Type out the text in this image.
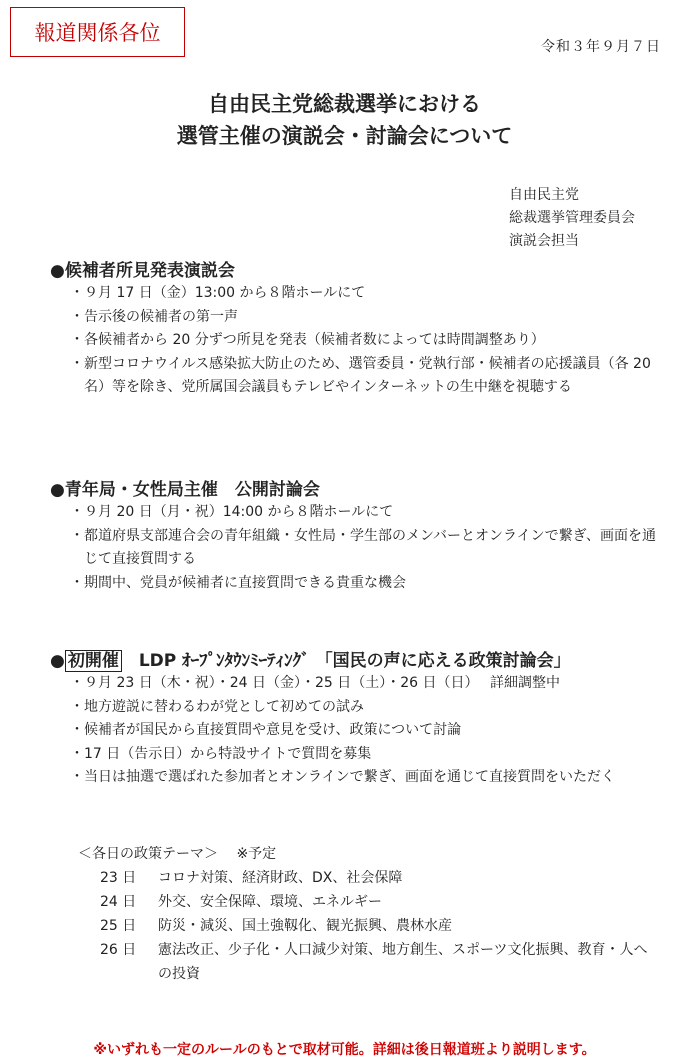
報道関係各位
令和３年９月７日
自由民主党総裁選挙における
選管主催の演説会・討論会について
自由民主党
総裁選挙管理委員会
演説会担当
●候補者所見発表演説会
・９月 17 日（金）13:00 から８階ホールにて
・告示後の候補者の第一声
・各候補者から 20 分ずつ所見を発表（候補者数によっては時間調整あり）
・新型コロナウイルス感染拡大防止のため、選管委員・党執行部・候補者の応援議員（各 20 名）等を除き、党所属国会議員もテレビやインターネットの生中継を視聴する
●青年局・女性局主催　公開討論会
・９月 20 日（月・祝）14:00 から８階ホールにて
・都道府県支部連合会の青年組織・女性局・学生部のメンバーとオンラインで繋ぎ、画面を通じて直接質問する
・期間中、党員が候補者に直接質問できる貴重な機会
● 初開催　LDP ｵｰﾌﾟﾝﾀｳﾝﾐｰﾃｨﾝｸﾞ 「国民の声に応える政策討論会」
・９月 23 日（木・祝）・24 日（金）・25 日（土）・26 日（日）　 詳細調整中
・地方遊説に替わるわが党として初めての試み
・候補者が国民から直接質問や意見を受け、政策について討論
・17 日（告示日）から特設サイトで質問を募集
・当日は抽選で選ばれた参加者とオンラインで繋ぎ、画面を通じて直接質問をいただく
＜各日の政策テーマ＞　 ※予定
23 日	コロナ対策、経済財政、DX、社会保障
24 日	外交、安全保障、環境、エネルギー
25 日	防災・減災、国土強靱化、観光振興、農林水産
26 日	憲法改正、少子化・人口減少対策、地方創生、スポーツ文化振興、教育・人への投資
※いずれも一定のルールのもとで取材可能。詳細は後日報道班より説明します。
